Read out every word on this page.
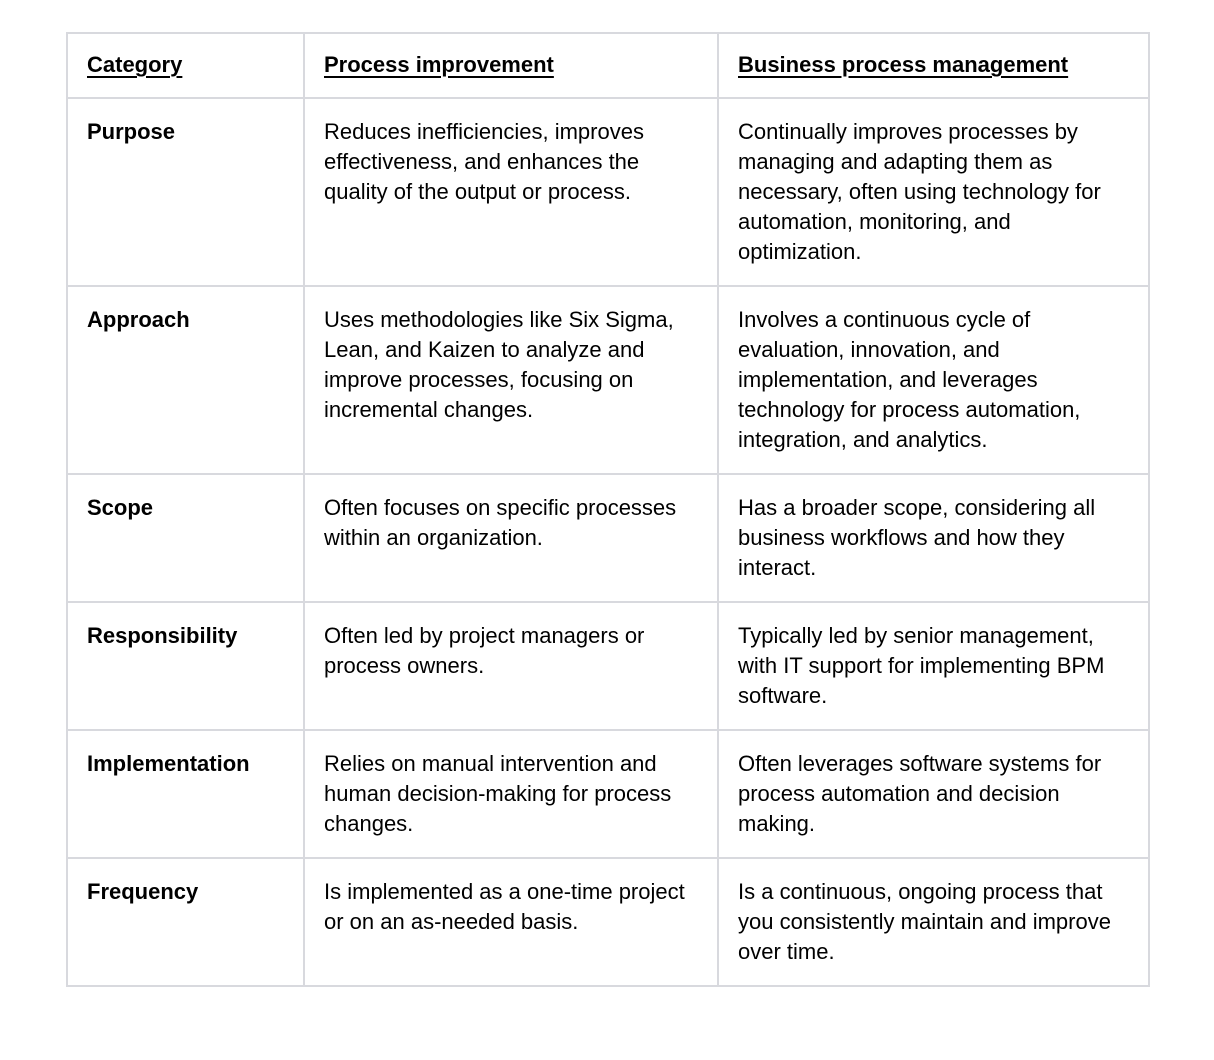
Category	Process improvement	Business process management
Purpose	Reduces inefficiencies, improves effectiveness, and enhances the quality of the output or process.	Continually improves processes by managing and adapting them as necessary, often using technology for automation, monitoring, and optimization.
Approach	Uses methodologies like Six Sigma, Lean, and Kaizen to analyze and improve processes, focusing on incremental changes.	Involves a continuous cycle of evaluation, innovation, and implementation, and leverages technology for process automation, integration, and analytics.
Scope	Often focuses on specific processes within an organization.	Has a broader scope, considering all business workflows and how they interact.
Responsibility	Often led by project managers or process owners.	Typically led by senior management, with IT support for implementing BPM software.
Implementation	Relies on manual intervention and human decision-making for process changes.	Often leverages software systems for process automation and decision making.
Frequency	Is implemented as a one-time project or on an as-needed basis.	Is a continuous, ongoing process that you consistently maintain and improve over time.
